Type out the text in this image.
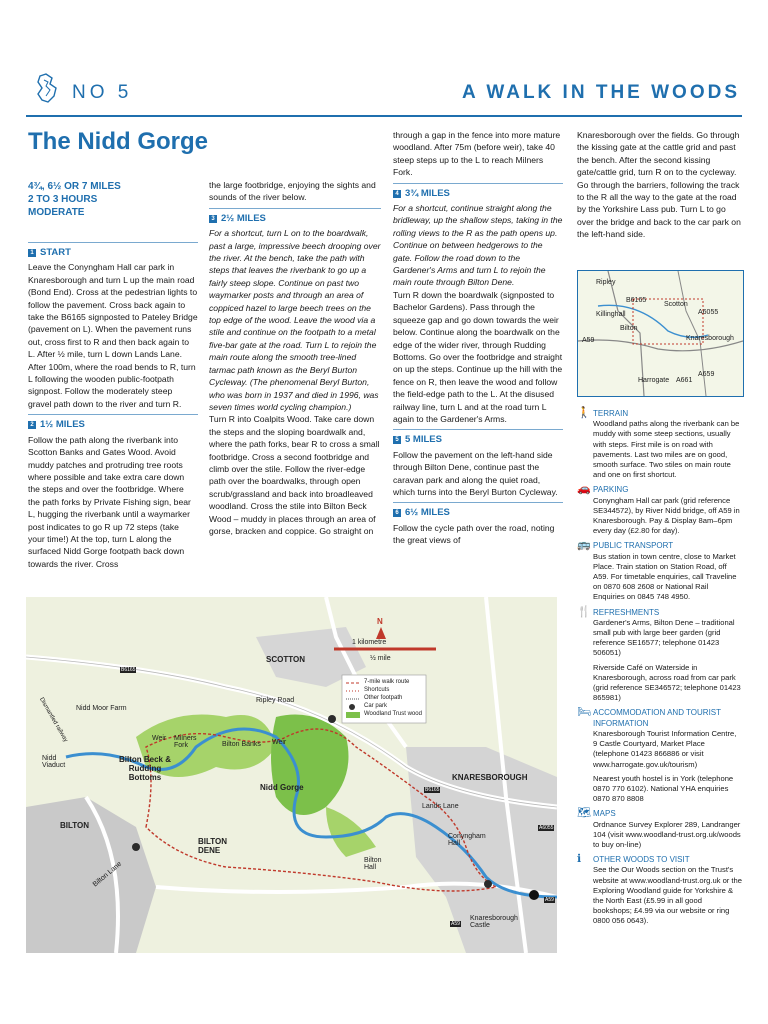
NO 5	A WALK IN THE WOODS
The Nidd Gorge
4¾, 6½ OR 7 MILES
2 TO 3 HOURS
MODERATE
1 START

Leave the Conyngham Hall car park in Knaresborough and turn L up the main road (Bond End). Cross at the pedestrian lights to follow the pavement. Cross back again to take the B6165 signposted to Pateley Bridge (pavement on L). When the pavement runs out, cross first to R and then back again to L. After ½ mile, turn L down Lands Lane. After 100m, where the road bends to R, turn L following the wooden public-footpath signpost. Follow the moderately steep gravel path down to the river and turn R.

2 1½ MILES

Follow the path along the riverbank into Scotton Banks and Gates Wood. Avoid muddy patches and protruding tree roots where possible and take extra care down the steps and over the footbridge. Where the path forks by Private Fishing sign, bear L, hugging the riverbank until a waymarker post indicates to go R up 72 steps (take your time!) At the top, turn L along the surfaced Nidd Gorge footpath back down towards the river. Cross

the large footbridge, enjoying the sights and sounds of the river below.

3 2½ MILES

For a shortcut, turn L on to the boardwalk, past a large, impressive beech drooping over the river. At the bench, take the path with steps that leaves the riverbank to go up a fairly steep slope. Continue on past two waymarker posts and through an area of coppiced hazel to large beech trees on the top edge of the wood. Leave the wood via a stile and continue on the footpath to a metal five-bar gate at the road. Turn L to rejoin the main route along the smooth tree-lined tarmac path known as the Beryl Burton Cycleway. (The phenomenal Beryl Burton, who was born in 1937 and died in 1996, was seven times world cycling champion.)

Turn R into Coalpits Wood. Take care down the steps and the sloping boardwalk and, where the path forks, bear R to cross a small footbridge. Cross a second footbridge and climb over the stile. Follow the river-edge path over the boardwalks, through open scrub/grassland and back into broadleaved woodland. Cross the stile into Bilton Beck Wood – muddy in places through an area of gorse, bracken and coppice. Go straight on

through a gap in the fence into more mature woodland. After 75m (before weir), take 40 steep steps up to the L to reach Milners Fork.

4 3¾ MILES

For a shortcut, continue straight along the bridleway, up the shallow steps, taking in the rolling views to the R as the path opens up. Continue on between hedgerows to the gate. Follow the road down to the Gardener's Arms and turn L to rejoin the main route through Bilton Dene.

Turn R down the boardwalk (signposted to Bachelor Gardens). Pass through the squeeze gap and go down towards the weir below. Continue along the boardwalk on the edge of the wider river, through Rudding Bottoms. Go over the footbridge and straight on up the steps. Continue up the hill with the fence on R, then leave the wood and follow the field-edge path to the L. At the disused railway line, turn L and at the road turn L again to the Gardener's Arms.

5 5 MILES

Follow the pavement on the left-hand side through Bilton Dene, continue past the caravan park and along the quiet road, which turns into the Beryl Burton Cycleway.

6 6½ MILES

Follow the cycle path over the road, noting the great views of

Knaresborough over the fields. Go through the kissing gate at the cattle grid and past the bench. After the second kissing gate/cattle grid, turn R on to the cycleway. Go through the barriers, following the track to the R all the way to the gate at the road by the Yorkshire Lass pub. Turn L to go over the bridge and back to the car park on the left-hand side.

Ripley
B6165
Scotton
Killinghall	A6055
Bilton
Knaresborough
A59
Harrogate A661
A659
🚶 TERRAIN
Woodland paths along the riverbank can be muddy with some steep sections, usually with steps. First mile is on road with pavements. Last two miles are on good, smooth surface. Two stiles on main route and one on first shortcut.
🚗 PARKING
Conyngham Hall car park (grid reference SE344572), by River Nidd bridge, off A59 in Knaresborough. Pay & Display 8am–6pm every day (£2.80 for day).
🚌 PUBLIC TRANSPORT
Bus station in town centre, close to Market Place. Train station on Station Road, off A59. For timetable enquiries, call Traveline on 0870 608 2608 or National Rail Enquiries on 0845 748 4950.
🍴 REFRESHMENTS
Gardener's Arms, Bilton Dene – traditional small pub with large beer garden (grid reference SE16577; telephone 01423 506051)
Riverside Café on Waterside in Knaresborough, across road from car park (grid reference SE346572; telephone 01423 865981)
🛏 ACCOMMODATION AND TOURIST INFORMATION
Knaresborough Tourist Information Centre, 9 Castle Courtyard, Market Place (telephone 01423 866886 or visit www.harrogate.gov.uk/tourism)
Nearest youth hostel is in York (telephone 0870 770 6102). National YHA enquiries 0870 870 8808
🗺 MAPS
Ordnance Survey Explorer 289, Landranger 104 (visit www.woodland-trust.org.uk/woods to buy on-line)
ℹ OTHER WOODS TO VISIT
See the Our Woods section on the Trust's website at www.woodland-trust.org.uk or the Exploring Woodland guide for Yorkshire & the North East (£5.99 in all good bookshops; £4.99 via our website or ring 0800 056 0643).
N
1 kilometre
½ mile
7-mile walk route
Shortcuts
Other footpath
Car park
Woodland Trust wood
SCOTTON
KNARESBOROUGH
BILTON
BILTON DENE
Nidd Gorge
Bilton Beck & Rudding Bottoms
Nidd Moor Farm
Milners Fork	Bilton Banks
Weir
Weir
Nidd Viaduct
Lands Lane
Conyngham Hall
Bilton Hall
Knaresborough Castle
Ripley Road
Bilton Lane
Dismantled railway
B6165
B6165
A6055
A59
A59
